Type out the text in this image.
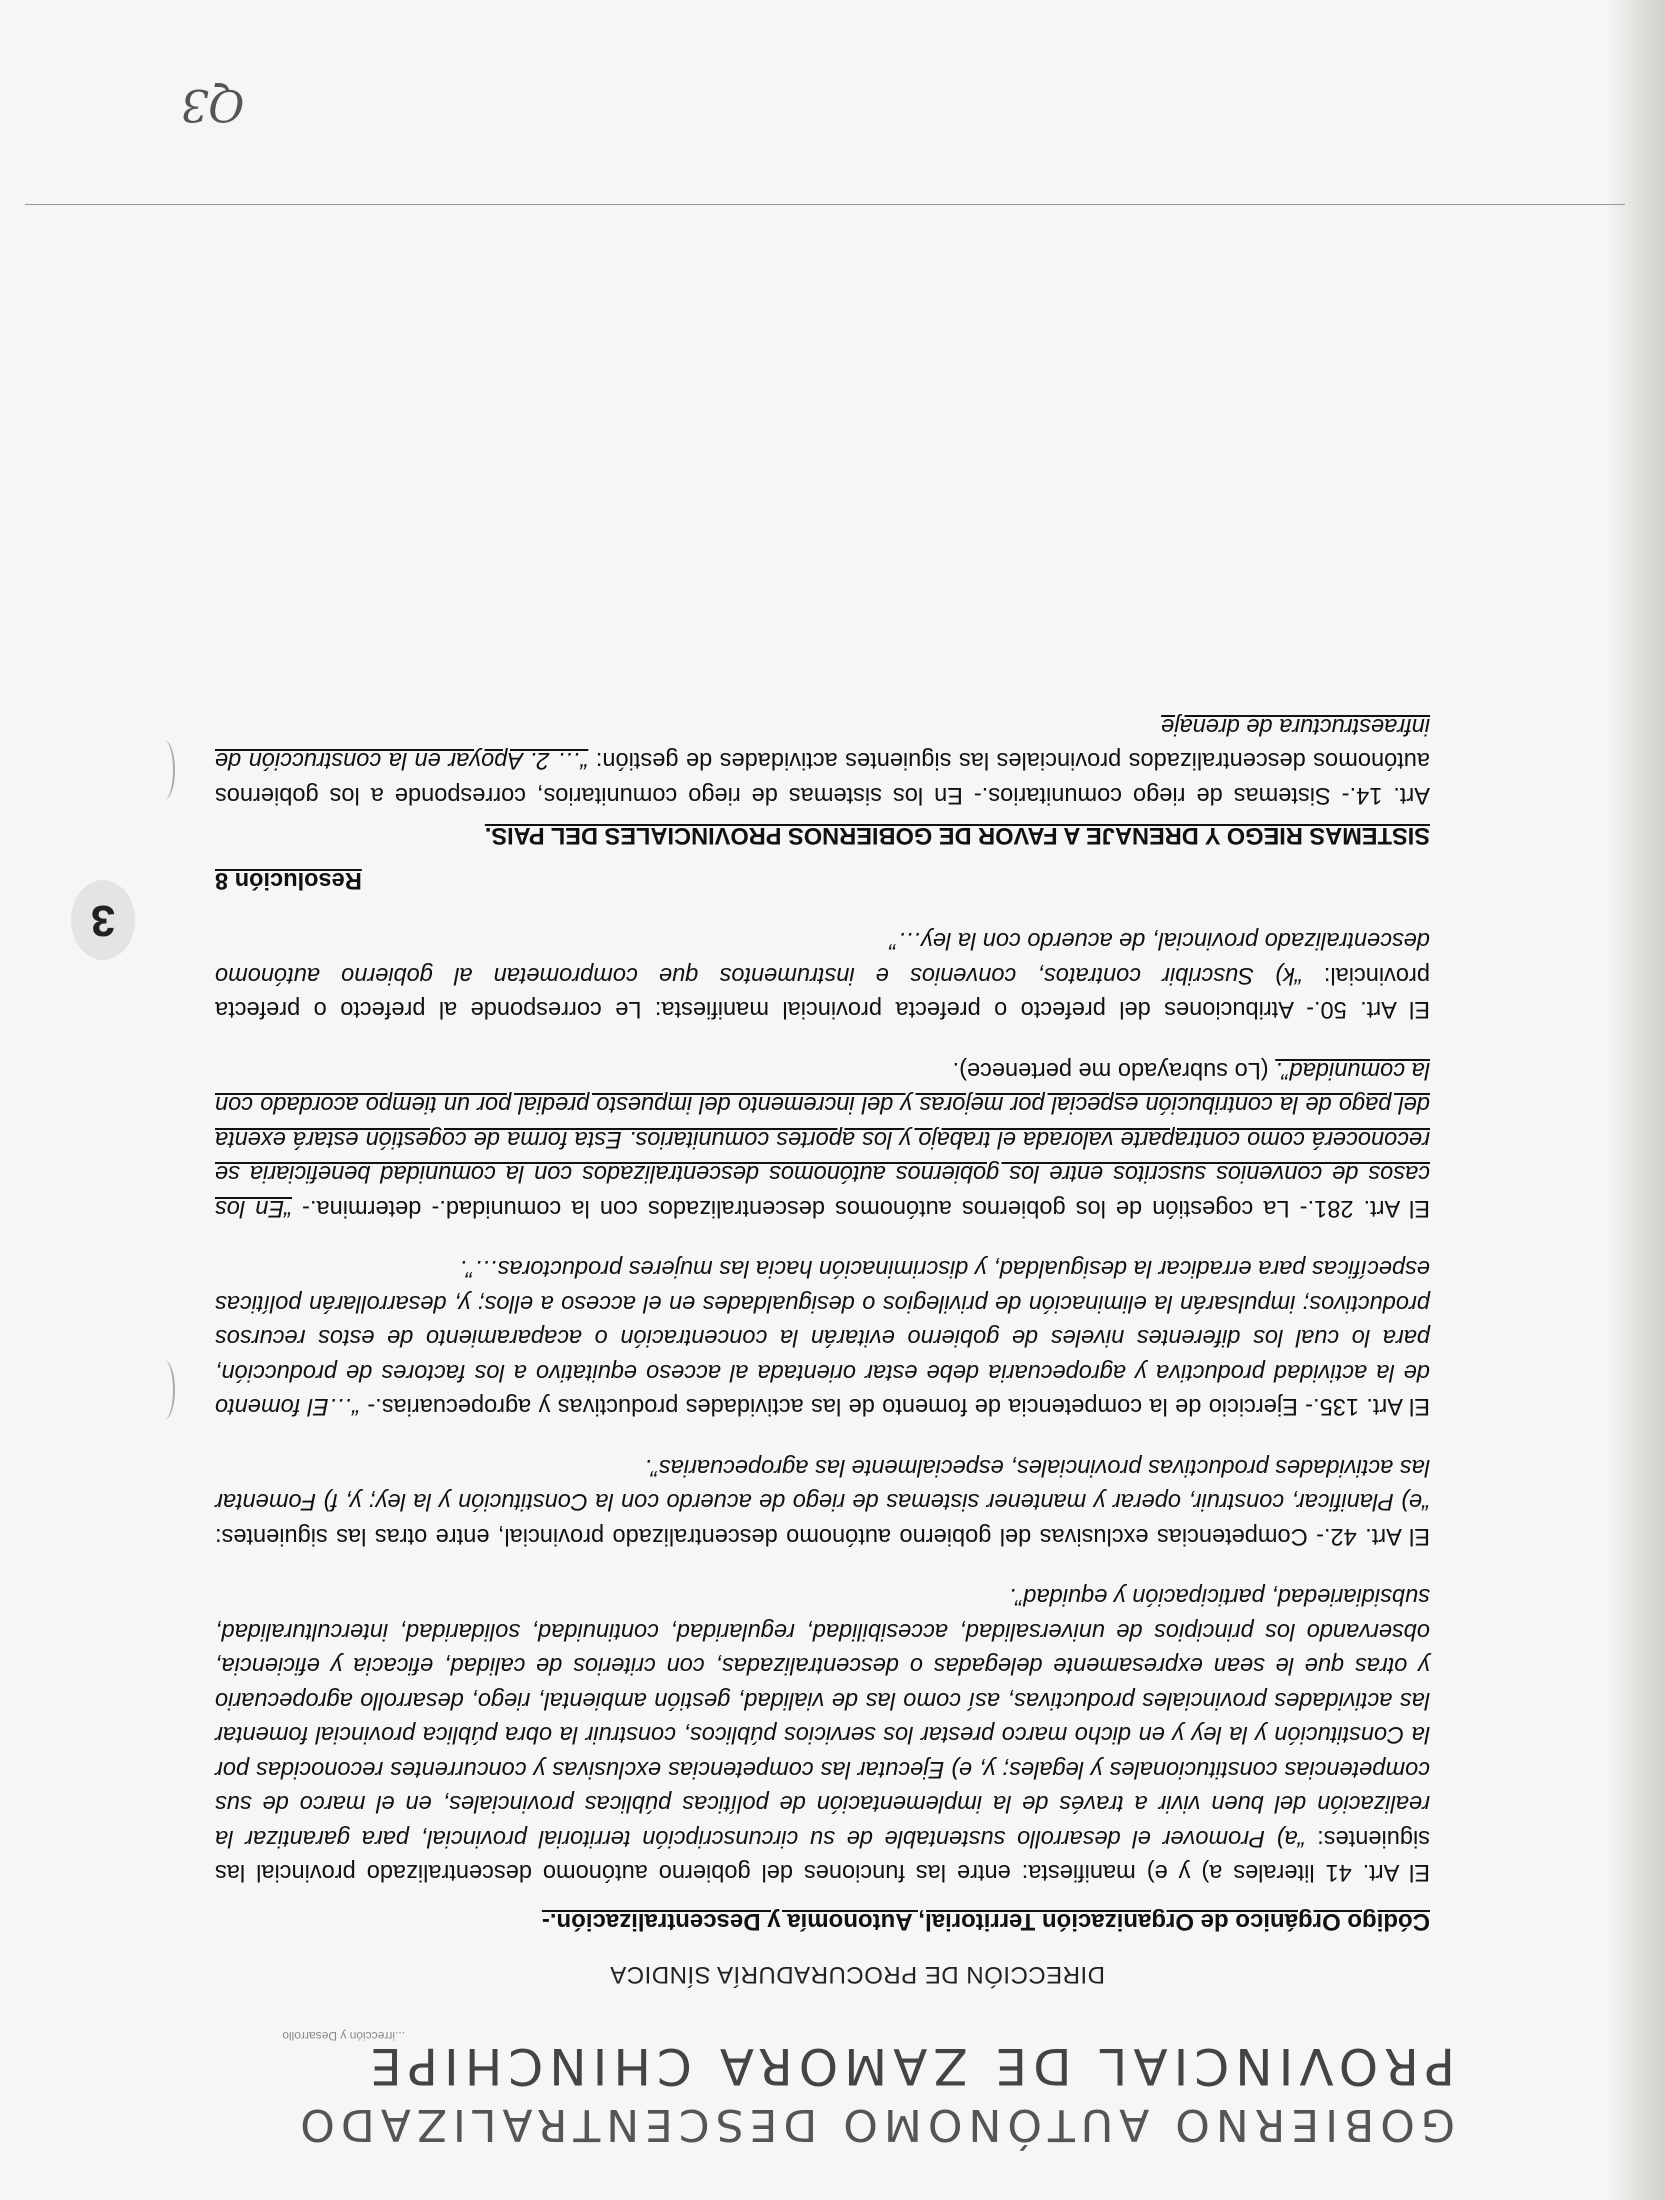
GOBIERNO AUTÓNOMO DESCENTRALIZADO
PROVINCIAL DE ZAMORA CHINCHIPE
...irrección y Desarrollo
DIRECCIÓN DE PROCURADURÍA SÍNDICA
Código Orgánico de Organización Territorial, Autonomía y Descentralización.-

El Art. 41 literales a) y e) manifiesta: entre las funciones del gobierno autónomo descentralizado provincial las siguientes: “a) Promover el desarrollo sustentable de su circunscripción territorial provincial, para garantizar la realización del buen vivir a través de la implementación de políticas públicas provinciales, en el marco de sus competencias constitucionales y legales; y, e) Ejecutar las competencias exclusivas y concurrentes reconocidas por la Constitución y la ley y en dicho marco prestar los servicios públicos, construir la obra pública provincial fomentar las actividades provinciales productivas, así como las de vialidad, gestión ambiental, riego, desarrollo agropecuario y otras que le sean expresamente delegadas o descentralizadas, con criterios de calidad, eficacia y eficiencia, observando los principios de universalidad, accesibilidad, regularidad, continuidad, solidaridad, interculturalidad, subsidiariedad, participación y equidad”.

El Art. 42.- Competencias exclusivas del gobierno autónomo descentralizado provincial, entre otras las siguientes: “e) Planificar, construir, operar y mantener sistemas de riego de acuerdo con la Constitución y la ley; y, f) Fomentar las actividades productivas provinciales, especialmente las agropecuarias”.

El Art. 135.- Ejercicio de la competencia de fomento de las actividades productivas y agropecuarias.- “…El fomento de la actividad productiva y agropecuaria debe estar orientada al acceso equitativo a los factores de producción, para lo cual los diferentes niveles de gobierno evitarán la concentración o acaparamiento de estos recursos productivos; impulsarán la eliminación de privilegios o desigualdades en el acceso a ellos; y, desarrollarán políticas específicas para erradicar la desigualdad, y discriminación hacia las mujeres productoras…”.

El Art. 281.- La cogestión de los gobiernos autónomos descentralizados con la comunidad.- determina.- “En los casos de convenios suscritos entre los gobiernos autónomos descentralizados con la comunidad beneficiaria se reconocerá como contraparte valorada el trabajo y los aportes comunitarios. Esta forma de cogestión estará exenta del pago de la contribución especial por mejoras y del incremento del impuesto predial por un tiempo acordado con la comunidad”. (Lo subrayado me pertenece).

El Art. 50.- Atribuciones del prefecto o prefecta provincial manifiesta: Le corresponde al prefecto o prefecta provincial: “k) Suscribir contratos, convenios e instrumentos que comprometan al gobierno autónomo descentralizado provincial, de acuerdo con la ley…”

Resolución 8
SISTEMAS RIEGO Y DRENAJE A FAVOR DE GOBIERNOS PROVINCIALES DEL PAIS.

Art. 14.- Sistemas de riego comunitarios.- En los sistemas de riego comunitarios, corresponde a los gobiernos autónomos descentralizados provinciales las siguientes actividades de gestión: “… 2. Apoyar en la construcción de infraestructura de drenaje

3
Q3
